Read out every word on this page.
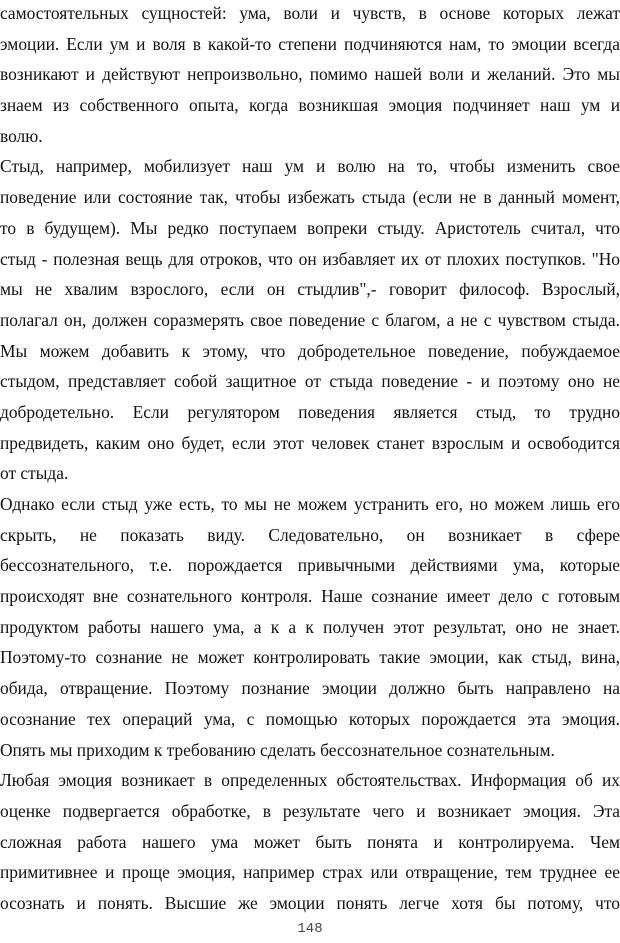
самостоятельных сущностей: ума, воли и чувств, в основе которых лежат
эмоции. Если ум и воля в какой-то степени подчиняются нам, то эмоции всегда
возникают и действуют непроизвольно, помимо нашей воли и желаний. Это мы
знаем из собственного опыта, когда возникшая эмоция подчиняет наш ум и
волю.
Стыд, например, мобилизует наш ум и волю на то, чтобы изменить свое
поведение или состояние так, чтобы избежать стыда (если не в данный момент,
то в будущем). Мы редко поступаем вопреки стыду. Аристотель считал, что
стыд - полезная вещь для отроков, что он избавляет их от плохих поступков. "Но
мы не хвалим взрослого, если он стыдлив",- говорит философ. Взрослый,
полагал он, должен соразмерять свое поведение с благом, а не с чувством стыда.
Мы можем добавить к этому, что добродетельное поведение, побуждаемое
стыдом, представляет собой защитное от стыда поведение - и поэтому оно не
добродетельно. Если регулятором поведения является стыд, то трудно
предвидеть, каким оно будет, если этот человек станет взрослым и освободится
от стыда.
Однако если стыд уже есть, то мы не можем устранить его, но можем лишь его
скрыть, не показать виду. Следовательно, он возникает в сфере
бессознательного, т.е. порождается привычными действиями ума, которые
происходят вне сознательного контроля. Наше сознание имеет дело с готовым
продуктом работы нашего ума, а к а к получен этот результат, оно не знает.
Поэтому-то сознание не может контролировать такие эмоции, как стыд, вина,
обида, отвращение. Поэтому познание эмоции должно быть направлено на
осознание тех операций ума, с помощью которых порождается эта эмоция.
Опять мы приходим к требованию сделать бессознательное сознательным.
Любая эмоция возникает в определенных обстоятельствах. Информация об их
оценке подвергается обработке, в результате чего и возникает эмоция. Эта
сложная работа нашего ума может быть понята и контролируема. Чем
примитивнее и проще эмоция, например страх или отвращение, тем труднее ее
осознать и понять. Высшие же эмоции понять легче хотя бы потому, что
148
